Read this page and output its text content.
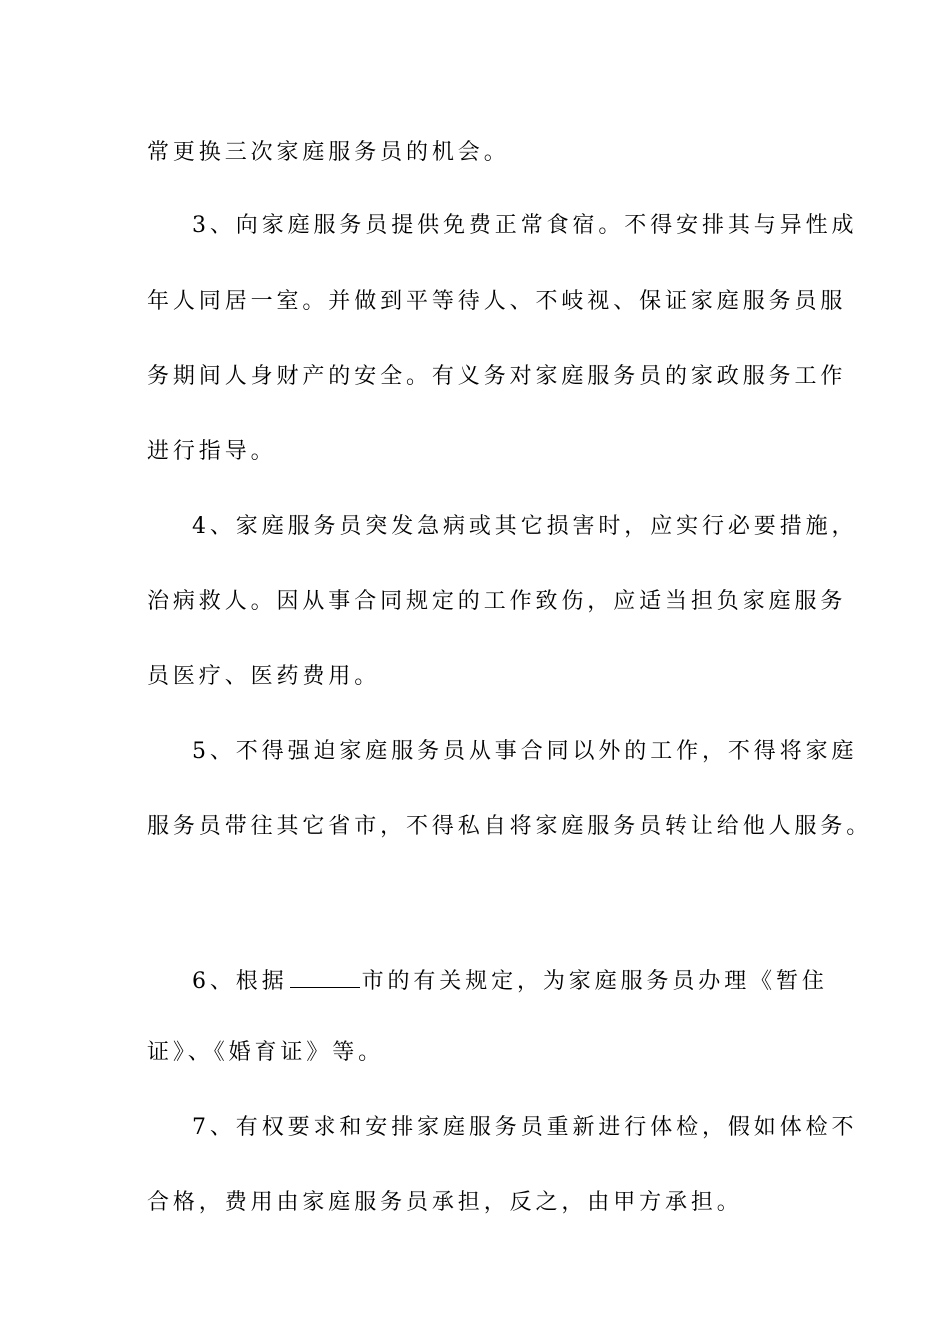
常更换三次家庭服务员的机会。
3、向家庭服务员提供免费正常食宿。不得安排其与异性成
年人同居一室。并做到平等待人、不岐视、保证家庭服务员服
务期间人身财产的安全。有义务对家庭服务员的家政服务工作
进行指导。
4、家庭服务员突发急病或其它损害时，应实行必要措施，
治病救人。因从事合同规定的工作致伤，应适当担负家庭服务
员医疗、医药费用。
5、不得强迫家庭服务员从事合同以外的工作，不得将家庭
服务员带往其它省市，不得私自将家庭服务员转让给他人服务。
6、根据	市的有关规定，为家庭服务员办理《暂住
证》、《婚育证》等。
7、有权要求和安排家庭服务员重新进行体检，假如体检不
合格，费用由家庭服务员承担，反之，由甲方承担。
